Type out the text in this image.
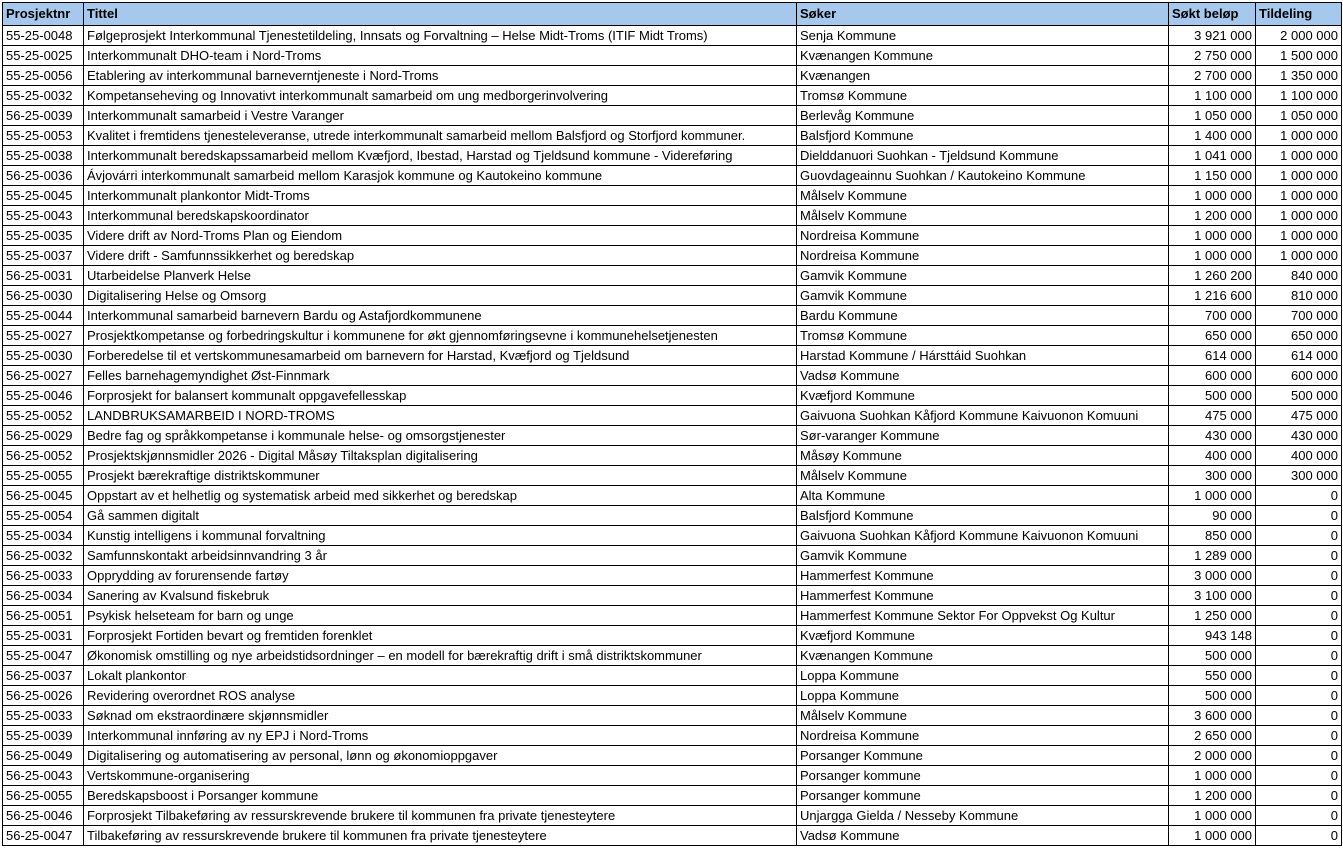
Prosjektnr	Tittel	Søker	Søkt beløp	Tildeling
55-25-0048	Følgeprosjekt Interkommunal Tjenestetildeling, Innsats og Forvaltning – Helse Midt-Troms (ITIF Midt Troms)	Senja Kommune	3 921 000	2 000 000
55-25-0025	Interkommunalt DHO-team i Nord-Troms	Kvænangen Kommune	2 750 000	1 500 000
55-25-0056	Etablering av interkommunal barneverntjeneste i Nord-Troms	Kvænangen	2 700 000	1 350 000
55-25-0032	Kompetanseheving og Innovativt interkommunalt samarbeid om ung medborgerinvolvering	Tromsø Kommune	1 100 000	1 100 000
56-25-0039	Interkommunalt samarbeid i Vestre Varanger	Berlevåg Kommune	1 050 000	1 050 000
55-25-0053	Kvalitet i fremtidens tjenesteleveranse, utrede interkommunalt samarbeid mellom Balsfjord og Storfjord kommuner.	Balsfjord Kommune	1 400 000	1 000 000
55-25-0038	Interkommunalt beredskapssamarbeid mellom Kvæfjord, Ibestad, Harstad og Tjeldsund kommune - Videreføring	Dielddanuori Suohkan - Tjeldsund Kommune	1 041 000	1 000 000
56-25-0036	Ávjovárri interkommunalt samarbeid mellom Karasjok kommune og Kautokeino kommune	Guovdageainnu Suohkan / Kautokeino Kommune	1 150 000	1 000 000
55-25-0045	Interkommunalt plankontor Midt-Troms	Målselv Kommune	1 000 000	1 000 000
55-25-0043	Interkommunal beredskapskoordinator	Målselv Kommune	1 200 000	1 000 000
55-25-0035	Videre drift av Nord-Troms Plan og Eiendom	Nordreisa Kommune	1 000 000	1 000 000
55-25-0037	Videre drift - Samfunnssikkerhet og beredskap	Nordreisa Kommune	1 000 000	1 000 000
56-25-0031	Utarbeidelse Planverk Helse	Gamvik Kommune	1 260 200	840 000
56-25-0030	Digitalisering Helse og Omsorg	Gamvik Kommune	1 216 600	810 000
55-25-0044	Interkommunal samarbeid barnevern Bardu og Astafjordkommunene	Bardu Kommune	700 000	700 000
55-25-0027	Prosjektkompetanse og forbedringskultur i kommunene for økt gjennomføringsevne i kommunehelsetjenesten	Tromsø Kommune	650 000	650 000
55-25-0030	Forberedelse til et vertskommunesamarbeid om barnevern for Harstad, Kvæfjord og Tjeldsund	Harstad Kommune / Hársttáid Suohkan	614 000	614 000
56-25-0027	Felles barnehagemyndighet Øst-Finnmark	Vadsø Kommune	600 000	600 000
55-25-0046	Forprosjekt for balansert kommunalt oppgavefellesskap	Kvæfjord Kommune	500 000	500 000
55-25-0052	LANDBRUKSAMARBEID I NORD-TROMS	Gaivuona Suohkan Kåfjord Kommune Kaivuonon Komuuni	475 000	475 000
56-25-0029	Bedre fag og språkkompetanse i kommunale helse- og omsorgstjenester	Sør-varanger Kommune	430 000	430 000
56-25-0052	Prosjektskjønnsmidler 2026 - Digital Måsøy Tiltaksplan digitalisering	Måsøy Kommune	400 000	400 000
55-25-0055	Prosjekt bærekraftige distriktskommuner	Målselv Kommune	300 000	300 000
56-25-0045	Oppstart av et helhetlig og systematisk arbeid med sikkerhet og beredskap	Alta Kommune	1 000 000	0
55-25-0054	Gå sammen digitalt	Balsfjord Kommune	90 000	0
55-25-0034	Kunstig intelligens i kommunal forvaltning	Gaivuona Suohkan Kåfjord Kommune Kaivuonon Komuuni	850 000	0
56-25-0032	Samfunnskontakt arbeidsinnvandring 3 år	Gamvik Kommune	1 289 000	0
56-25-0033	Opprydding av forurensende fartøy	Hammerfest Kommune	3 000 000	0
56-25-0034	Sanering av Kvalsund fiskebruk	Hammerfest Kommune	3 100 000	0
56-25-0051	Psykisk helseteam for barn og unge	Hammerfest Kommune Sektor For Oppvekst Og Kultur	1 250 000	0
55-25-0031	Forprosjekt Fortiden bevart og fremtiden forenklet	Kvæfjord Kommune	943 148	0
55-25-0047	Økonomisk omstilling og nye arbeidstidsordninger – en modell for bærekraftig drift i små distriktskommuner	Kvænangen Kommune	500 000	0
56-25-0037	Lokalt plankontor	Loppa Kommune	550 000	0
56-25-0026	Revidering overordnet ROS analyse	Loppa Kommune	500 000	0
55-25-0033	Søknad om ekstraordinære skjønnsmidler	Målselv Kommune	3 600 000	0
55-25-0039	Interkommunal innføring av ny EPJ i Nord-Troms	Nordreisa Kommune	2 650 000	0
56-25-0049	Digitalisering og automatisering av personal, lønn og økonomioppgaver	Porsanger Kommune	2 000 000	0
56-25-0043	Vertskommune-organisering	Porsanger kommune	1 000 000	0
56-25-0055	Beredskapsboost i Porsanger kommune	Porsanger kommune	1 200 000	0
56-25-0046	Forprosjekt Tilbakeføring av ressurskrevende brukere til kommunen fra private tjenesteytere	Unjargga Gielda / Nesseby Kommune	1 000 000	0
56-25-0047	Tilbakeføring av ressurskrevende brukere til kommunen fra private tjenesteytere	Vadsø Kommune	1 000 000	0
